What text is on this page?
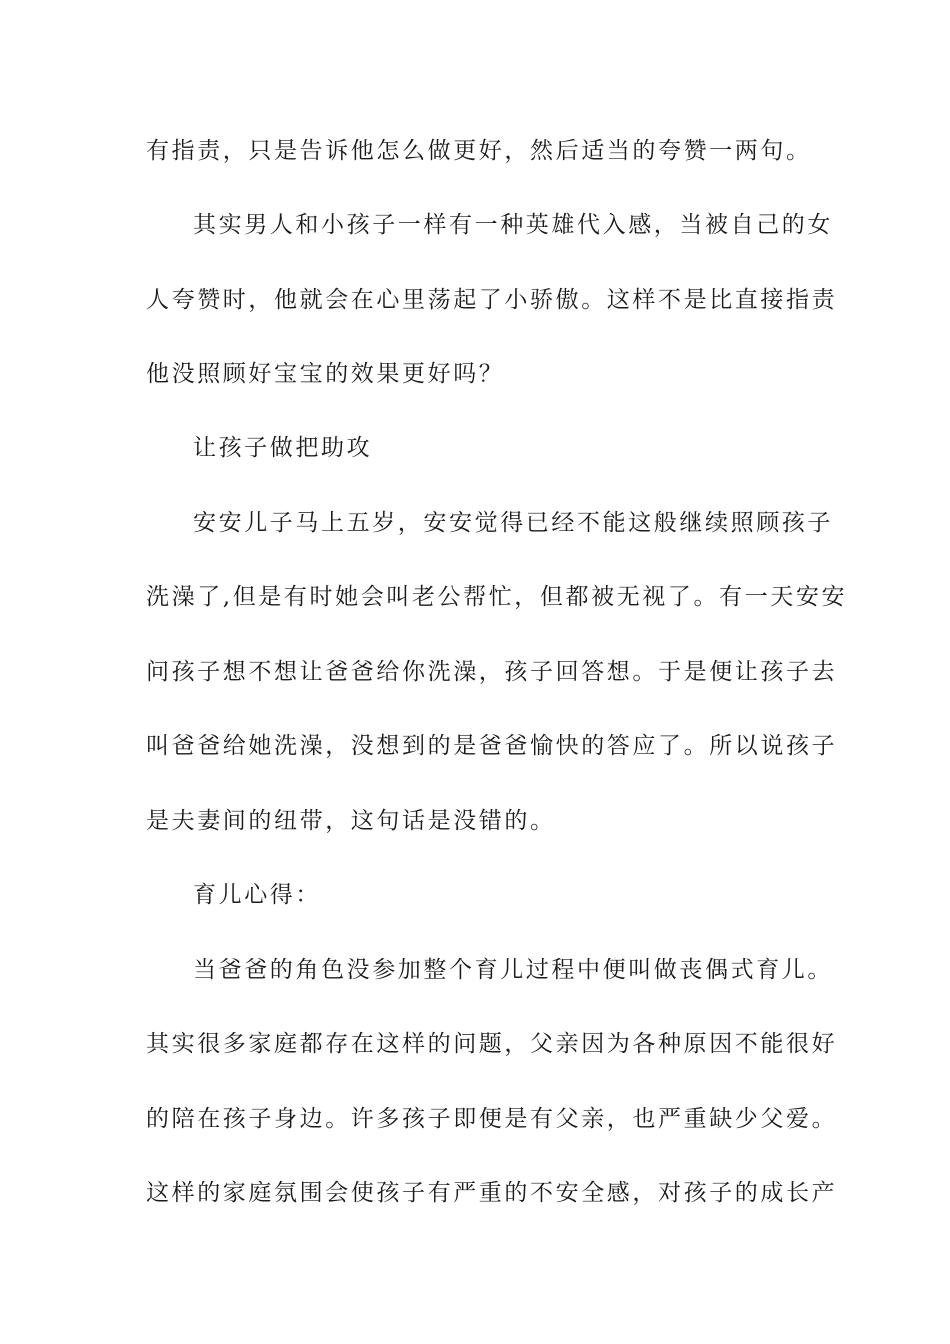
有指责，只是告诉他怎么做更好，然后适当的夸赞一两句。
其实男人和小孩子一样有一种英雄代入感，当被自己的女
人夸赞时，他就会在心里荡起了小骄傲。这样不是比直接指责
他没照顾好宝宝的效果更好吗？
让孩子做把助攻
安安儿子马上五岁，安安觉得已经不能这般继续照顾孩子
洗澡了,但是有时她会叫老公帮忙，但都被无视了。有一天安安
问孩子想不想让爸爸给你洗澡，孩子回答想。于是便让孩子去
叫爸爸给她洗澡，没想到的是爸爸愉快的答应了。所以说孩子
是夫妻间的纽带，这句话是没错的。
育儿心得：
当爸爸的角色没参加整个育儿过程中便叫做丧偶式育儿。
其实很多家庭都存在这样的问题，父亲因为各种原因不能很好
的陪在孩子身边。许多孩子即便是有父亲，也严重缺少父爱。
这样的家庭氛围会使孩子有严重的不安全感，对孩子的成长产
